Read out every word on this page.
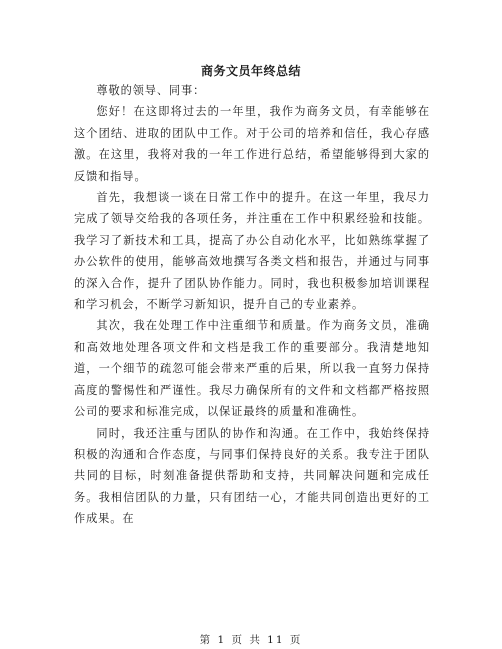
商务文员年终总结

尊敬的领导、同事：

您好！在这即将过去的一年里，我作为商务文员，有幸能够在这个团结、进取的团队中工作。对于公司的培养和信任，我心存感激。在这里，我将对我的一年工作进行总结，希望能够得到大家的反馈和指导。

首先，我想谈一谈在日常工作中的提升。在这一年里，我尽力完成了领导交给我的各项任务，并注重在工作中积累经验和技能。我学习了新技术和工具，提高了办公自动化水平，比如熟练掌握了办公软件的使用，能够高效地撰写各类文档和报告，并通过与同事的深入合作，提升了团队协作能力。同时，我也积极参加培训课程和学习机会，不断学习新知识，提升自己的专业素养。

其次，我在处理工作中注重细节和质量。作为商务文员，准确和高效地处理各项文件和文档是我工作的重要部分。我清楚地知道，一个细节的疏忽可能会带来严重的后果，所以我一直努力保持高度的警惕性和严谨性。我尽力确保所有的文件和文档都严格按照公司的要求和标准完成，以保证最终的质量和准确性。

同时，我还注重与团队的协作和沟通。在工作中，我始终保持积极的沟通和合作态度，与同事们保持良好的关系。我专注于团队共同的目标，时刻准备提供帮助和支持，共同解决问题和完成任务。我相信团队的力量，只有团结一心，才能共同创造出更好的工作成果。在

第 1 页 共 11 页
